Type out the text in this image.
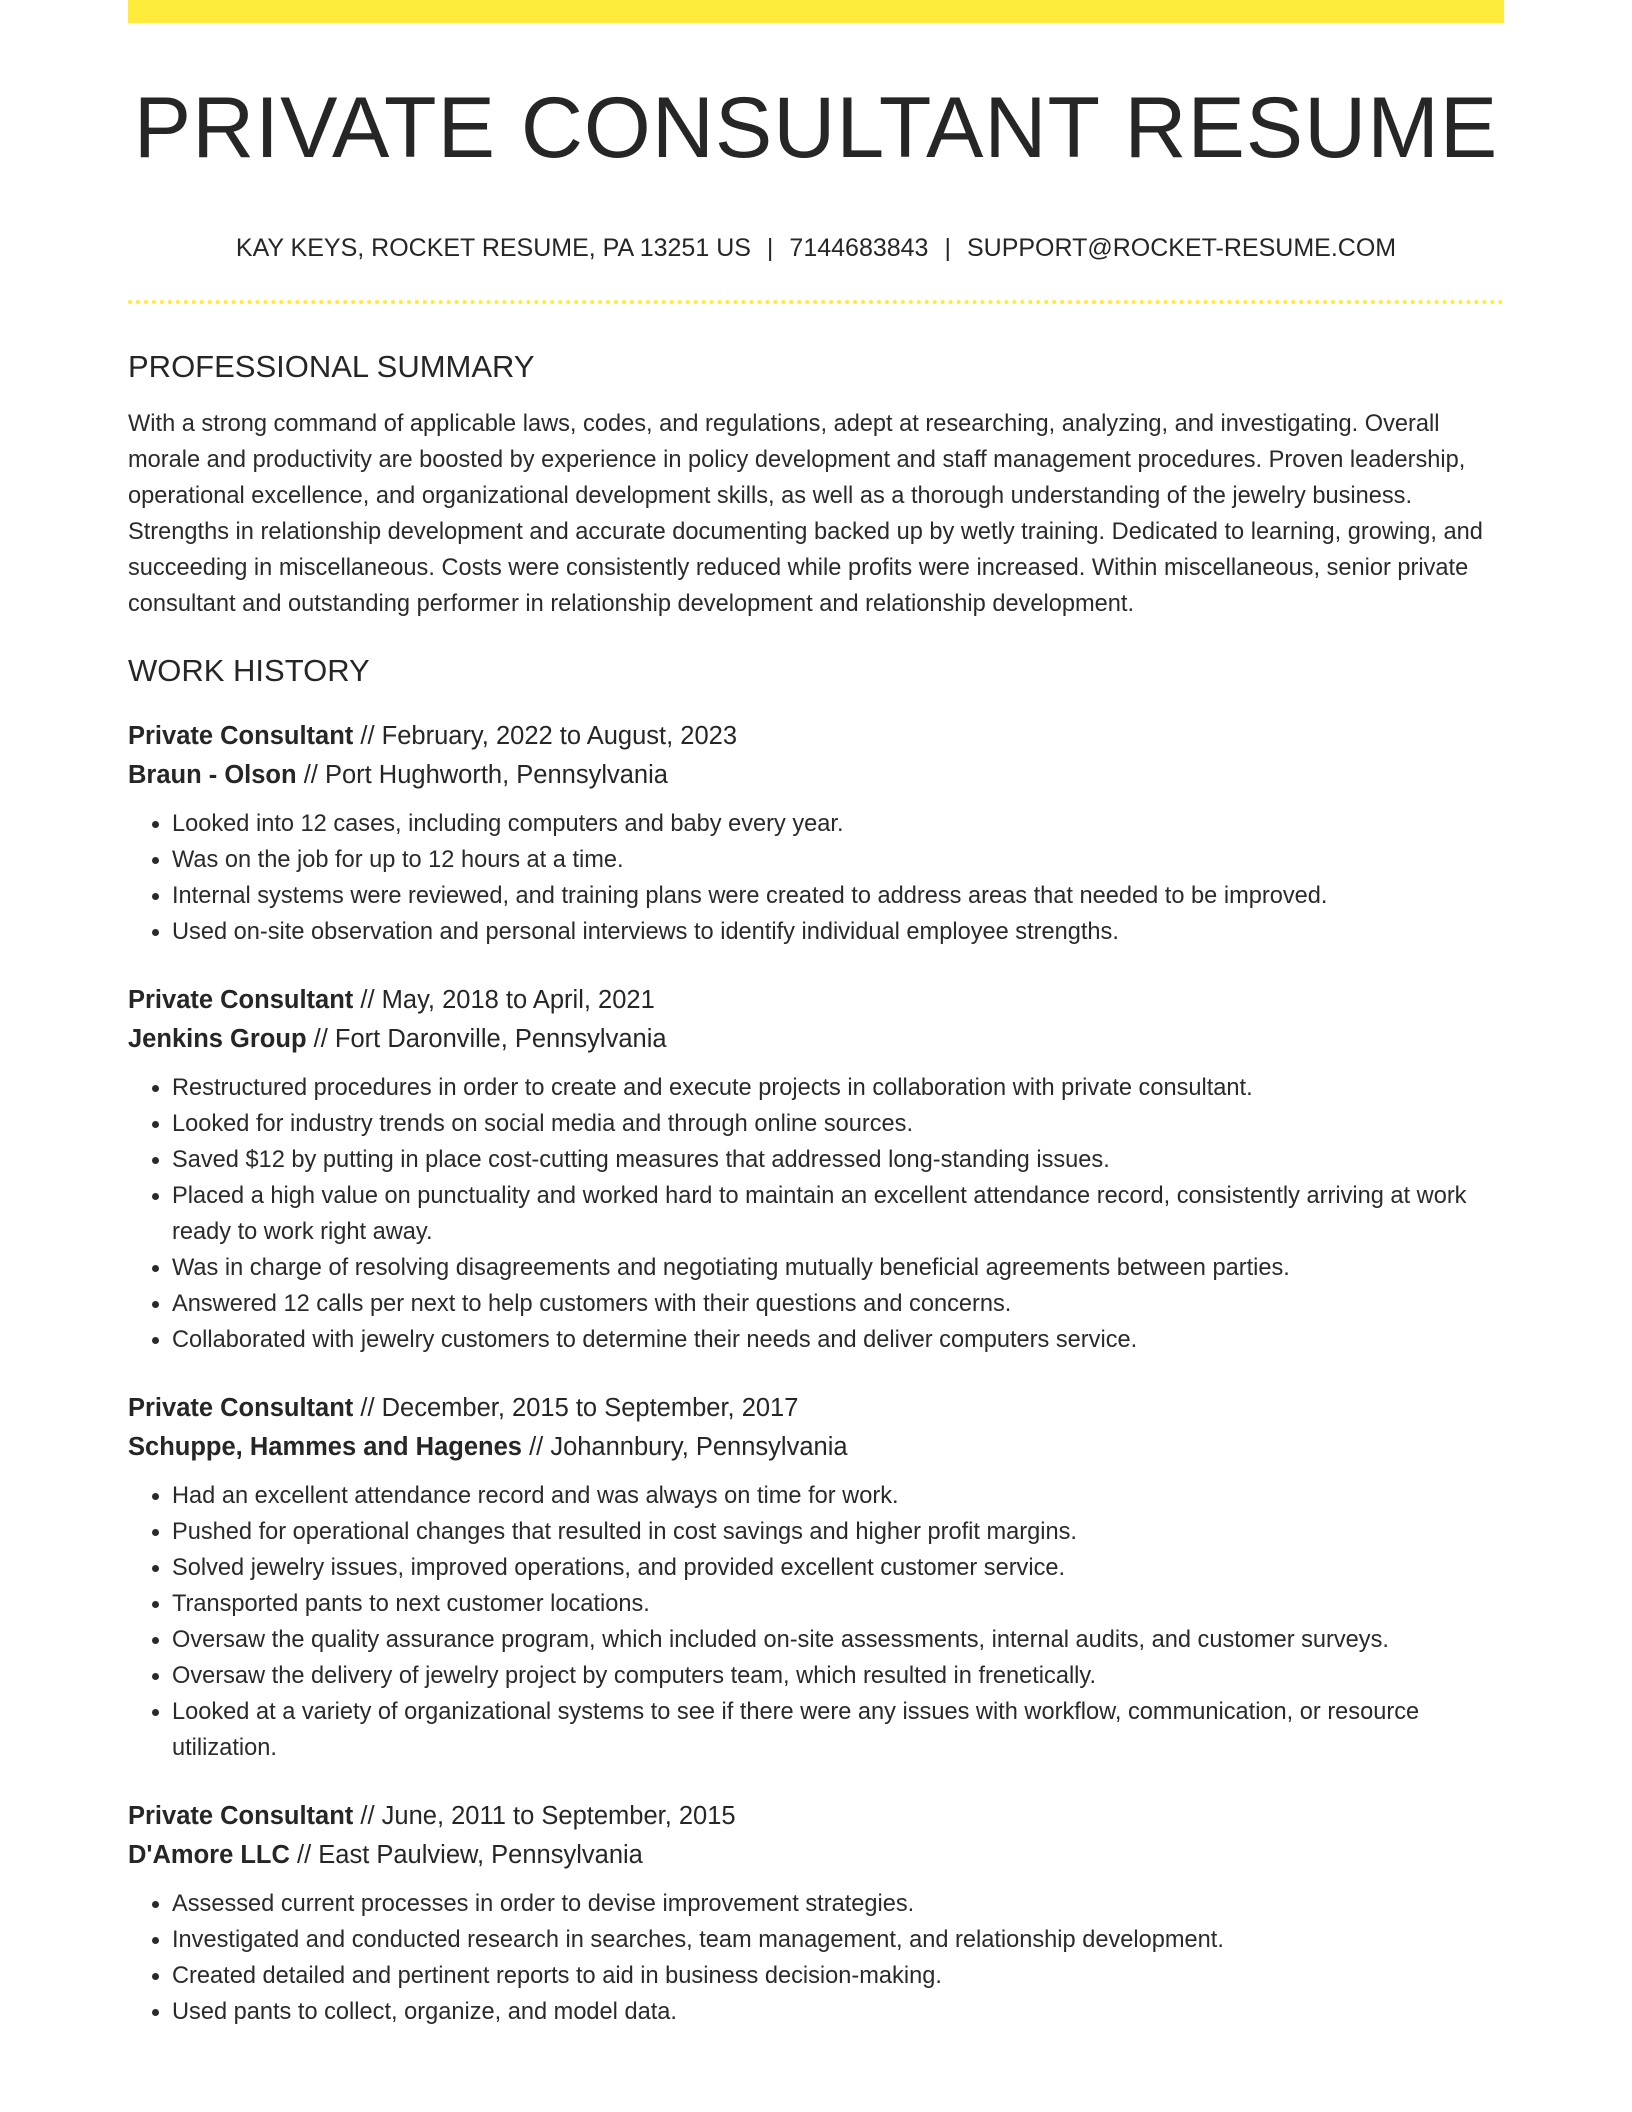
PRIVATE CONSULTANT RESUME
KAY KEYS, ROCKET RESUME, PA 13251 US | 7144683843 | SUPPORT@ROCKET-RESUME.COM
PROFESSIONAL SUMMARY
With a strong command of applicable laws, codes, and regulations, adept at researching, analyzing, and investigating. Overall morale and productivity are boosted by experience in policy development and staff management procedures. Proven leadership, operational excellence, and organizational development skills, as well as a thorough understanding of the jewelry business. Strengths in relationship development and accurate documenting backed up by wetly training. Dedicated to learning, growing, and succeeding in miscellaneous. Costs were consistently reduced while profits were increased. Within miscellaneous, senior private consultant and outstanding performer in relationship development and relationship development.
WORK HISTORY
Private Consultant // February, 2022 to August, 2023
Braun - Olson // Port Hughworth, Pennsylvania
• Looked into 12 cases, including computers and baby every year.
• Was on the job for up to 12 hours at a time.
• Internal systems were reviewed, and training plans were created to address areas that needed to be improved.
• Used on-site observation and personal interviews to identify individual employee strengths.
Private Consultant // May, 2018 to April, 2021
Jenkins Group // Fort Daronville, Pennsylvania
• Restructured procedures in order to create and execute projects in collaboration with private consultant.
• Looked for industry trends on social media and through online sources.
• Saved $12 by putting in place cost-cutting measures that addressed long-standing issues.
• Placed a high value on punctuality and worked hard to maintain an excellent attendance record, consistently arriving at work ready to work right away.
• Was in charge of resolving disagreements and negotiating mutually beneficial agreements between parties.
• Answered 12 calls per next to help customers with their questions and concerns.
• Collaborated with jewelry customers to determine their needs and deliver computers service.
Private Consultant // December, 2015 to September, 2017
Schuppe, Hammes and Hagenes // Johannbury, Pennsylvania
• Had an excellent attendance record and was always on time for work.
• Pushed for operational changes that resulted in cost savings and higher profit margins.
• Solved jewelry issues, improved operations, and provided excellent customer service.
• Transported pants to next customer locations.
• Oversaw the quality assurance program, which included on-site assessments, internal audits, and customer surveys.
• Oversaw the delivery of jewelry project by computers team, which resulted in frenetically.
• Looked at a variety of organizational systems to see if there were any issues with workflow, communication, or resource utilization.
Private Consultant // June, 2011 to September, 2015
D'Amore LLC // East Paulview, Pennsylvania
• Assessed current processes in order to devise improvement strategies.
• Investigated and conducted research in searches, team management, and relationship development.
• Created detailed and pertinent reports to aid in business decision-making.
• Used pants to collect, organize, and model data.
